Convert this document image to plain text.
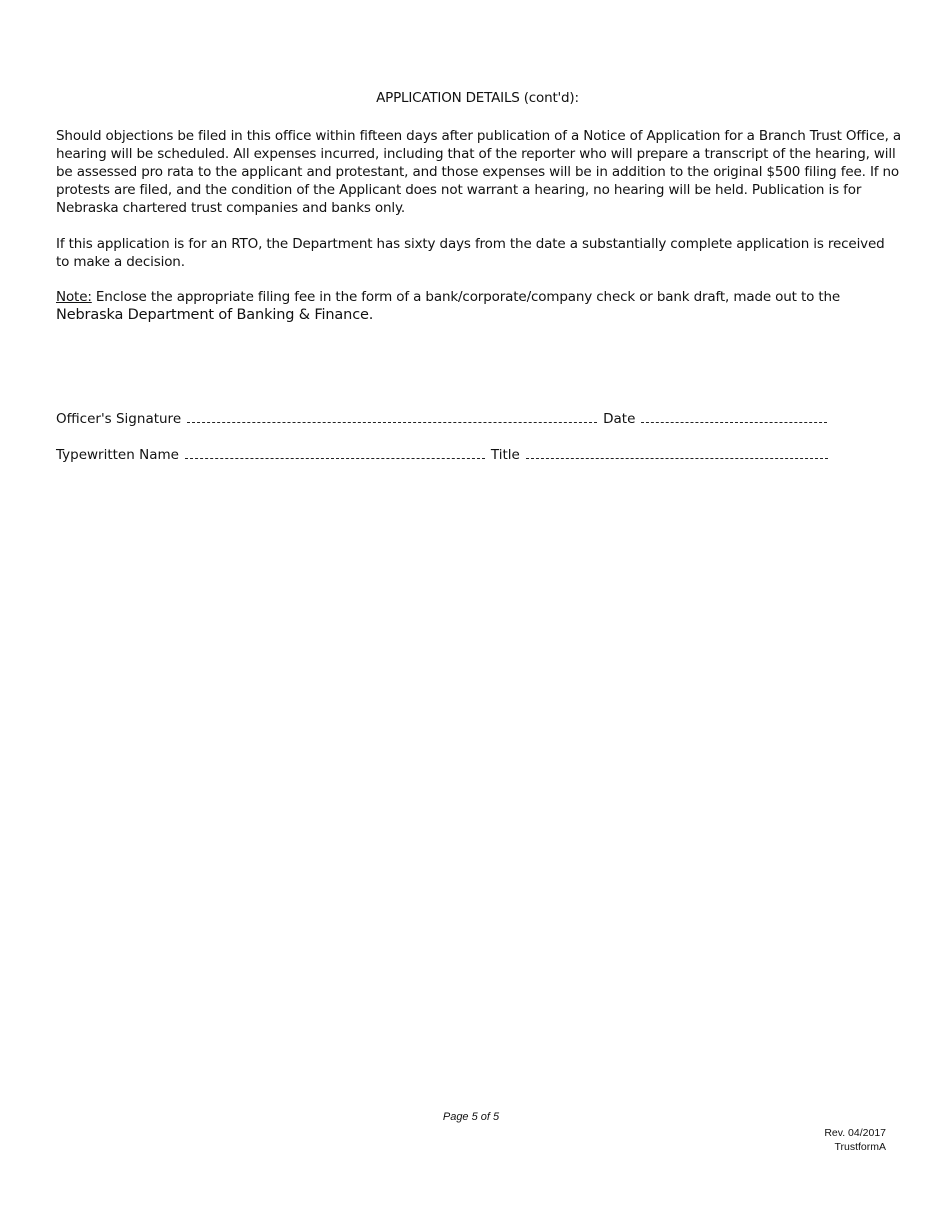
APPLICATION DETAILS (cont'd):
Should objections be filed in this office within fifteen days after publication of a Notice of Application for a Branch Trust Office, a hearing will be scheduled. All expenses incurred, including that of the reporter who will prepare a transcript of the hearing, will be assessed pro rata to the applicant and protestant, and those expenses will be in addition to the original $500 filing fee. If no protests are filed, and the condition of the Applicant does not warrant a hearing, no hearing will be held. Publication is for Nebraska chartered trust companies and banks only.
If this application is for an RTO, the Department has sixty days from the date a substantially complete application is received to make a decision.
Note: Enclose the appropriate filing fee in the form of a bank/corporate/company check or bank draft, made out to the
Nebraska Department of Banking & Finance.
Officer's Signature	Date
Typewritten Name	Title
Page 5 of 5
Rev. 04/2017
TrustformA
